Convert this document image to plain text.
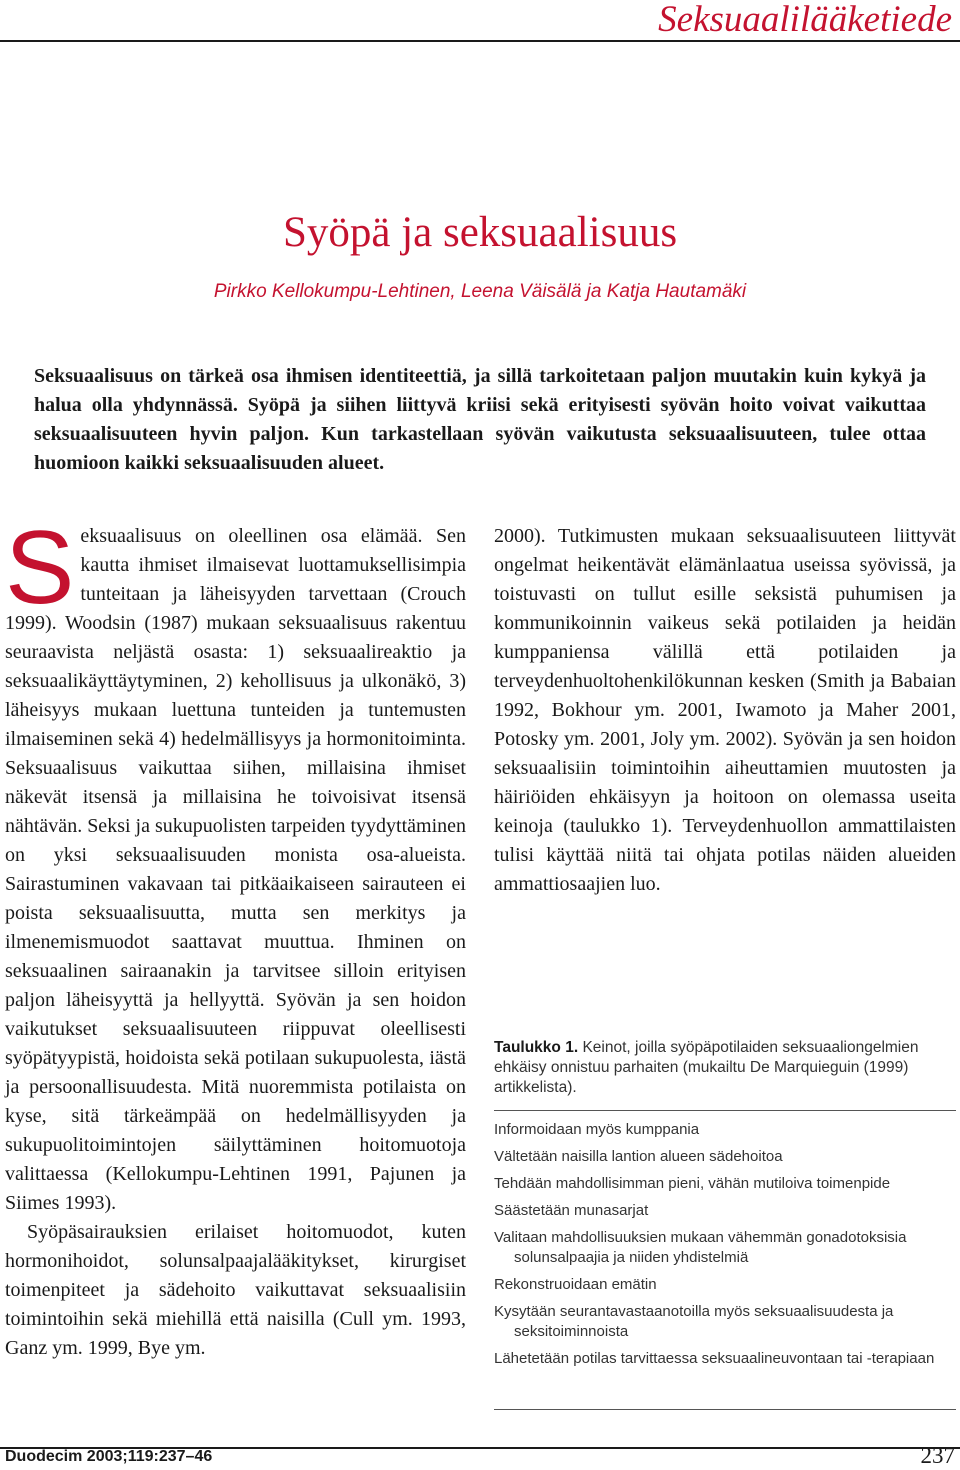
Seksuaalilääketiede
Syöpä ja seksuaalisuus
Pirkko Kellokumpu-Lehtinen, Leena Väisälä ja Katja Hautamäki

Seksuaalisuus on tärkeä osa ihmisen identiteettiä, ja sillä tarkoitetaan paljon muutakin kuin kykyä ja halua olla yhdynnässä. Syöpä ja siihen liittyvä kriisi sekä erityisesti syövän hoito voivat vaikuttaa seksuaalisuuteen hyvin paljon. Kun tarkastellaan syövän vaikutusta seksuaalisuuteen, tulee ottaa huomioon kaikki seksuaalisuuden alueet.

Seksuaalisuus on oleellinen osa elämää. Sen kautta ihmiset ilmaisevat luottamuksellisimpia tunteitaan ja läheisyyden tarvettaan (Crouch 1999). Woodsin (1987) mukaan seksuaalisuus rakentuu seuraavista neljästä osasta: 1) seksuaalireaktio ja seksuaalikäyttäytyminen, 2) kehollisuus ja ulkonäkö, 3) läheisyys mukaan luettuna tunteiden ja tuntemusten ilmaiseminen sekä 4) hedelmällisyys ja hormonitoiminta. Seksuaalisuus vaikuttaa siihen, millaisina ihmiset näkevät itsensä ja millaisina he toivoisivat itsensä nähtävän. Seksi ja sukupuolisten tarpeiden tyydyttäminen on yksi seksuaalisuuden monista osa-alueista. Sairastuminen vakavaan tai pitkäaikaiseen sairauteen ei poista seksuaalisuutta, mutta sen merkitys ja ilmenemismuodot saattavat muuttua. Ihminen on seksuaalinen sairaanakin ja tarvitsee silloin erityisen paljon läheisyyttä ja hellyyttä. Syövän ja sen hoidon vaikutukset seksuaalisuuteen riippuvat oleellisesti syöpätyypistä, hoidoista sekä potilaan sukupuolesta, iästä ja persoonallisuudesta. Mitä nuoremmista potilaista on kyse, sitä tärkeämpää on hedelmällisyyden ja sukupuolitoimintojen säilyttäminen hoitomuotoja valittaessa (Kellokumpu-Lehtinen 1991, Pajunen ja Siimes 1993).

Syöpäsairauksien erilaiset hoitomuodot, kuten hormonihoidot, solunsalpaajalääkitykset, kirurgiset toimenpiteet ja sädehoito vaikuttavat seksuaalisiin toimintoihin sekä miehillä että naisilla (Cull ym. 1993, Ganz ym. 1999, Bye ym.

2000). Tutkimusten mukaan seksuaalisuuteen liittyvät ongelmat heikentävät elämänlaatua useissa syövissä, ja toistuvasti on tullut esille seksistä puhumisen ja kommunikoinnin vaikeus sekä potilaiden ja heidän kumppaniensa välillä että potilaiden ja terveydenhuoltohenkilökunnan kesken (Smith ja Babaian 1992, Bokhour ym. 2001, Iwamoto ja Maher 2001, Potosky ym. 2001, Joly ym. 2002). Syövän ja sen hoidon seksuaalisiin toimintoihin aiheuttamien muutosten ja häiriöiden ehkäisyyn ja hoitoon on olemassa useita keinoja (taulukko 1). Terveydenhuollon ammattilaisten tulisi käyttää niitä tai ohjata potilas näiden alueiden ammattiosaajien luo.

Taulukko 1. Keinot, joilla syöpäpotilaiden seksuaaliongelmien ehkäisy onnistuu parhaiten (mukailtu De Marquieguin (1999) artikkelista).

Informoidaan myös kumppania
Vältetään naisilla lantion alueen sädehoitoa
Tehdään mahdollisimman pieni, vähän mutiloiva toimenpide
Säästetään munasarjat
Valitaan mahdollisuuksien mukaan vähemmän gonadotoksisia solunsalpaajia ja niiden yhdistelmiä
Rekonstruoidaan emätin
Kysytään seurantavastaanotoilla myös seksuaalisuudesta ja seksitoiminnoista
Lähetetään potilas tarvittaessa seksuaalineuvontaan tai -terapiaan
Duodecim 2003;119:237–46	237
